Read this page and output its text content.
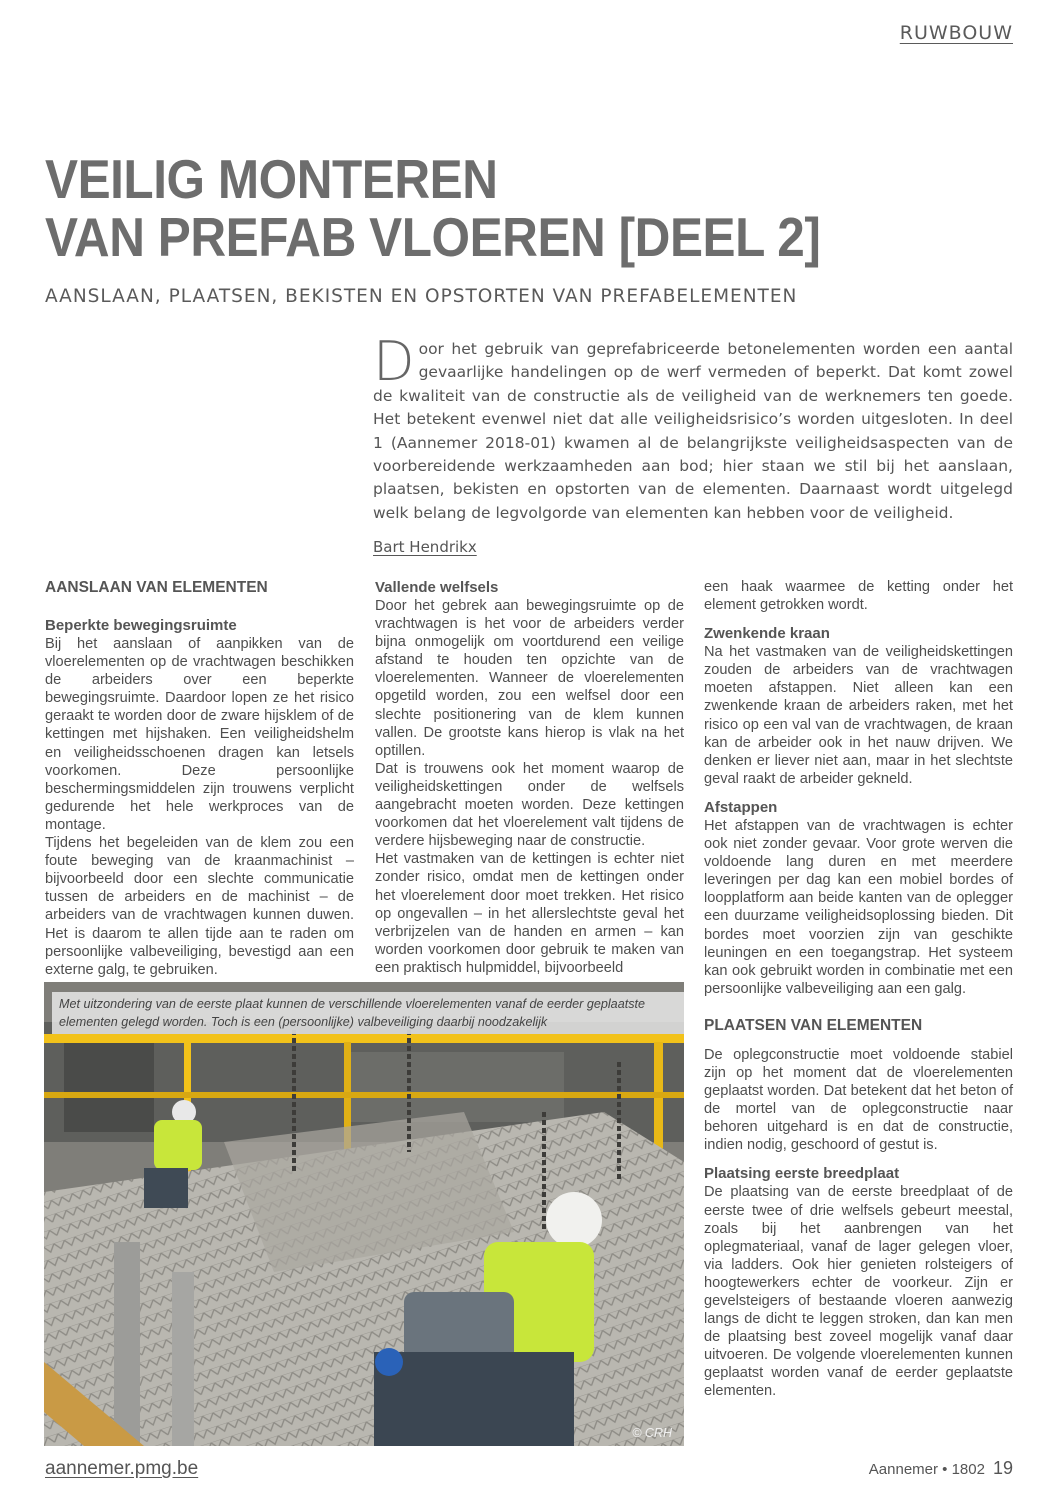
RUWBOUW
VEILIG MONTEREN
VAN PREFAB VLOEREN [DEEL 2]
AANSLAAN, PLAATSEN, BEKISTEN EN OPSTORTEN VAN PREFABELEMENTEN
Door het gebruik van geprefabriceerde betonelementen worden een aantal gevaarlijke handelingen op de werf vermeden of beperkt. Dat komt zowel de kwaliteit van de constructie als de veiligheid van de werknemers ten goede. Het betekent evenwel niet dat alle veiligheidsrisico’s worden uitgesloten. In deel 1 (Aannemer 2018-01) kwamen al de belangrijkste veiligheidsaspecten van de voorbereidende werkzaamheden aan bod; hier staan we stil bij het aanslaan, plaatsen, bekisten en opstorten van de elementen. Daarnaast wordt uitgelegd welk belang de legvolgorde van elementen kan hebben voor de veiligheid.
Bart Hendrikx
AANSLAAN VAN ELEMENTEN
Beperkte bewegingsruimte

Bij het aanslaan of aanpikken van de vloerelementen op de vrachtwagen beschikken de arbeiders over een beperkte bewegingsruimte. Daardoor lopen ze het risico geraakt te worden door de zware hijsklem of de kettingen met hijshaken. Een veiligheidshelm en veiligheidsschoenen dragen kan letsels voorkomen. Deze persoonlijke beschermingsmiddelen zijn trouwens verplicht gedurende het hele werkproces van de montage.

Tijdens het begeleiden van de klem zou een foute beweging van de kraanmachinist – bijvoorbeeld door een slechte communicatie tussen de arbeiders en de machinist – de arbeiders van de vrachtwagen kunnen duwen. Het is daarom te allen tijde aan te raden om persoonlijke valbeveiliging, bevestigd aan een externe galg, te gebruiken.

Vallende welfsels

Door het gebrek aan bewegingsruimte op de vrachtwagen is het voor de arbeiders verder bijna onmogelijk om voortdurend een veilige afstand te houden ten opzichte van de vloerelementen. Wanneer de vloerelementen opgetild worden, zou een welfsel door een slechte positionering van de klem kunnen vallen. De grootste kans hierop is vlak na het optillen.

Dat is trouwens ook het moment waarop de veiligheidskettingen onder de welfsels aangebracht moeten worden. Deze kettingen voorkomen dat het vloerelement valt tijdens de verdere hijsbeweging naar de constructie.

Het vastmaken van de kettingen is echter niet zonder risico, omdat men de kettingen onder het vloerelement door moet trekken. Het risico op ongevallen – in het allerslechtste geval het verbrijzelen van de handen en armen – kan worden voorkomen door gebruik te maken van een praktisch hulpmiddel, bijvoorbeeld

een haak waarmee de ketting onder het element getrokken wordt.

Zwenkende kraan

Na het vastmaken van de veiligheidskettingen zouden de arbeiders van de vrachtwagen moeten afstappen. Niet alleen kan een zwenkende kraan de arbeiders raken, met het risico op een val van de vrachtwagen, de kraan kan de arbeider ook in het nauw drijven. We denken er liever niet aan, maar in het slechtste geval raakt de arbeider gekneld.

Afstappen

Het afstappen van de vrachtwagen is echter ook niet zonder gevaar. Voor grote werven die voldoende lang duren en met meerdere leveringen per dag kan een mobiel bordes of loopplatform aan beide kanten van de oplegger een duurzame veiligheidsoplossing bieden. Dit bordes moet voorzien zijn van geschikte leuningen en een toegangstrap. Het systeem kan ook gebruikt worden in combinatie met een persoonlijke valbeveiliging aan een galg.

PLAATSEN VAN ELEMENTEN

De oplegconstructie moet voldoende stabiel zijn op het moment dat de vloerelementen geplaatst worden. Dat betekent dat het beton of de mortel van de oplegconstructie naar behoren uitgehard is en dat de constructie, indien nodig, geschoord of gestut is.

Plaatsing eerste breedplaat

De plaatsing van de eerste breedplaat of de eerste twee of drie welfsels gebeurt meestal, zoals bij het aanbrengen van het oplegmateriaal, vanaf de lager gelegen vloer, via ladders. Ook hier genieten rolsteigers of hoogtewerkers echter de voorkeur. Zijn er gevelsteigers of bestaande vloeren aanwezig langs de dicht te leggen stroken, dan kan men de plaatsing best zoveel mogelijk vanaf daar uitvoeren. De volgende vloerelementen kunnen geplaatst worden vanaf de eerder geplaatste elementen.

Met uitzondering van de eerste plaat kunnen de verschillende vloerelementen vanaf de eerder geplaatste elementen gelegd worden. Toch is een (persoonlijke) valbeveiliging daarbij noodzakelijk
© CRH
aannemer.pmg.be	Aannemer • 1802 19
